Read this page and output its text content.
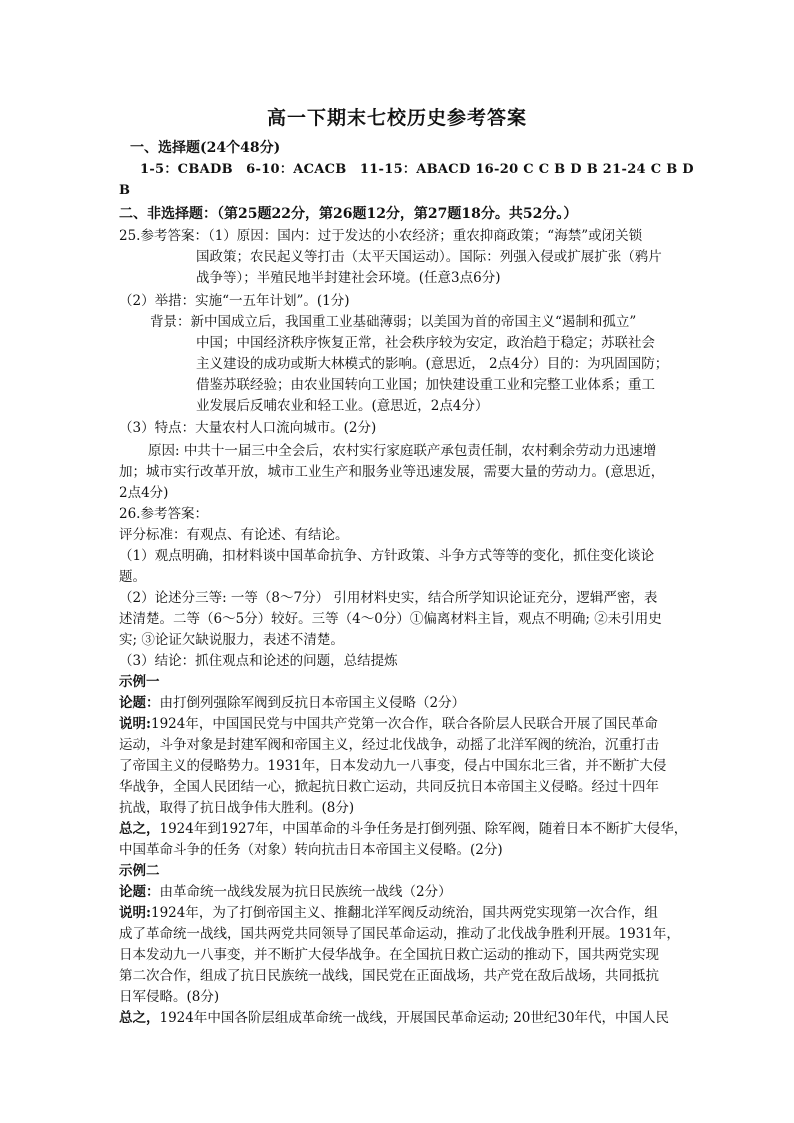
高一下期末七校历史参考答案
一、选择题(24个48分)
1-5：CBADB　6-10：ACACB　11-15：ABACD 16-20 C C B D B 21-24 C B D
B
二、非选择题：（第25题22分，第26题12分，第27题18分。共52分。）
25.参考答案：（1）原因：国内：过于发达的小农经济；重农抑商政策；“海禁”或闭关锁
国政策；农民起义等打击（太平天国运动）。国际：列强入侵或扩展扩张（鸦片
战争等）；半殖民地半封建社会环境。(任意3点6分)
（2）举措：实施“一五年计划”。(1分)
背景：新中国成立后，我国重工业基础薄弱；以美国为首的帝国主义“遏制和孤立”
中国；中国经济秩序恢复正常，社会秩序较为安定，政治趋于稳定；苏联社会
主义建设的成功或斯大林模式的影响。(意思近， 2点4分）目的：为巩固国防；
借鉴苏联经验；由农业国转向工业国；加快建设重工业和完整工业体系；重工
业发展后反哺农业和轻工业。(意思近，2点4分）
（3）特点：大量农村人口流向城市。(2分)
原因: 中共十一届三中全会后，农村实行家庭联产承包责任制，农村剩余劳动力迅速增
加；城市实行改革开放，城市工业生产和服务业等迅速发展，需要大量的劳动力。(意思近，
2点4分)
26.参考答案：
评分标准：有观点、有论述、有结论。
（1）观点明确，扣材料谈中国革命抗争、方针政策、斗争方式等等的变化，抓住变化谈论
题。
（2）论述分三等: 一等（8〜7分） 引用材料史实，结合所学知识论证充分，逻辑严密，表
述清楚。二等（6〜5分）较好。三等（4〜0分）①偏离材料主旨，观点不明确; ②未引用史
实; ③论证欠缺说服力，表述不清楚。
（3）结论：抓住观点和论述的问题，总结提炼
示例一
论题：由打倒列强除军阀到反抗日本帝国主义侵略（2分）
说明:1924年，中国国民党与中国共产党第一次合作，联合各阶层人民联合开展了国民革命
运动，斗争对象是封建军阀和帝国主义，经过北伐战争，动摇了北洋军阀的统治，沉重打击
了帝国主义的侵略势力。1931年，日本发动九一八事变，侵占中国东北三省，并不断扩大侵
华战争，全国人民团结一心，掀起抗日救亡运动，共同反抗日本帝国主义侵略。经过十四年
抗战，取得了抗日战争伟大胜利。(8分)
总之，1924年到1927年，中国革命的斗争任务是打倒列强、除军阀，随着日本不断扩大侵华，
中国革命斗争的任务（对象）转向抗击日本帝国主义侵略。(2分)
示例二
论题：由革命统一战线发展为抗日民族统一战线（2分）
说明:1924年，为了打倒帝国主义、推翻北洋军阀反动统治，国共两党实现第一次合作，组
成了革命统一战线，国共两党共同领导了国民革命运动，推动了北伐战争胜利开展。1931年，
日本发动九一八事变，并不断扩大侵华战争。在全国抗日救亡运动的推动下，国共两党实现
第二次合作，组成了抗日民族统一战线，国民党在正面战场，共产党在敌后战场，共同抵抗
日军侵略。(8分)
总之，1924年中国各阶层组成革命统一战线，开展国民革命运动; 20世纪30年代，中国人民
